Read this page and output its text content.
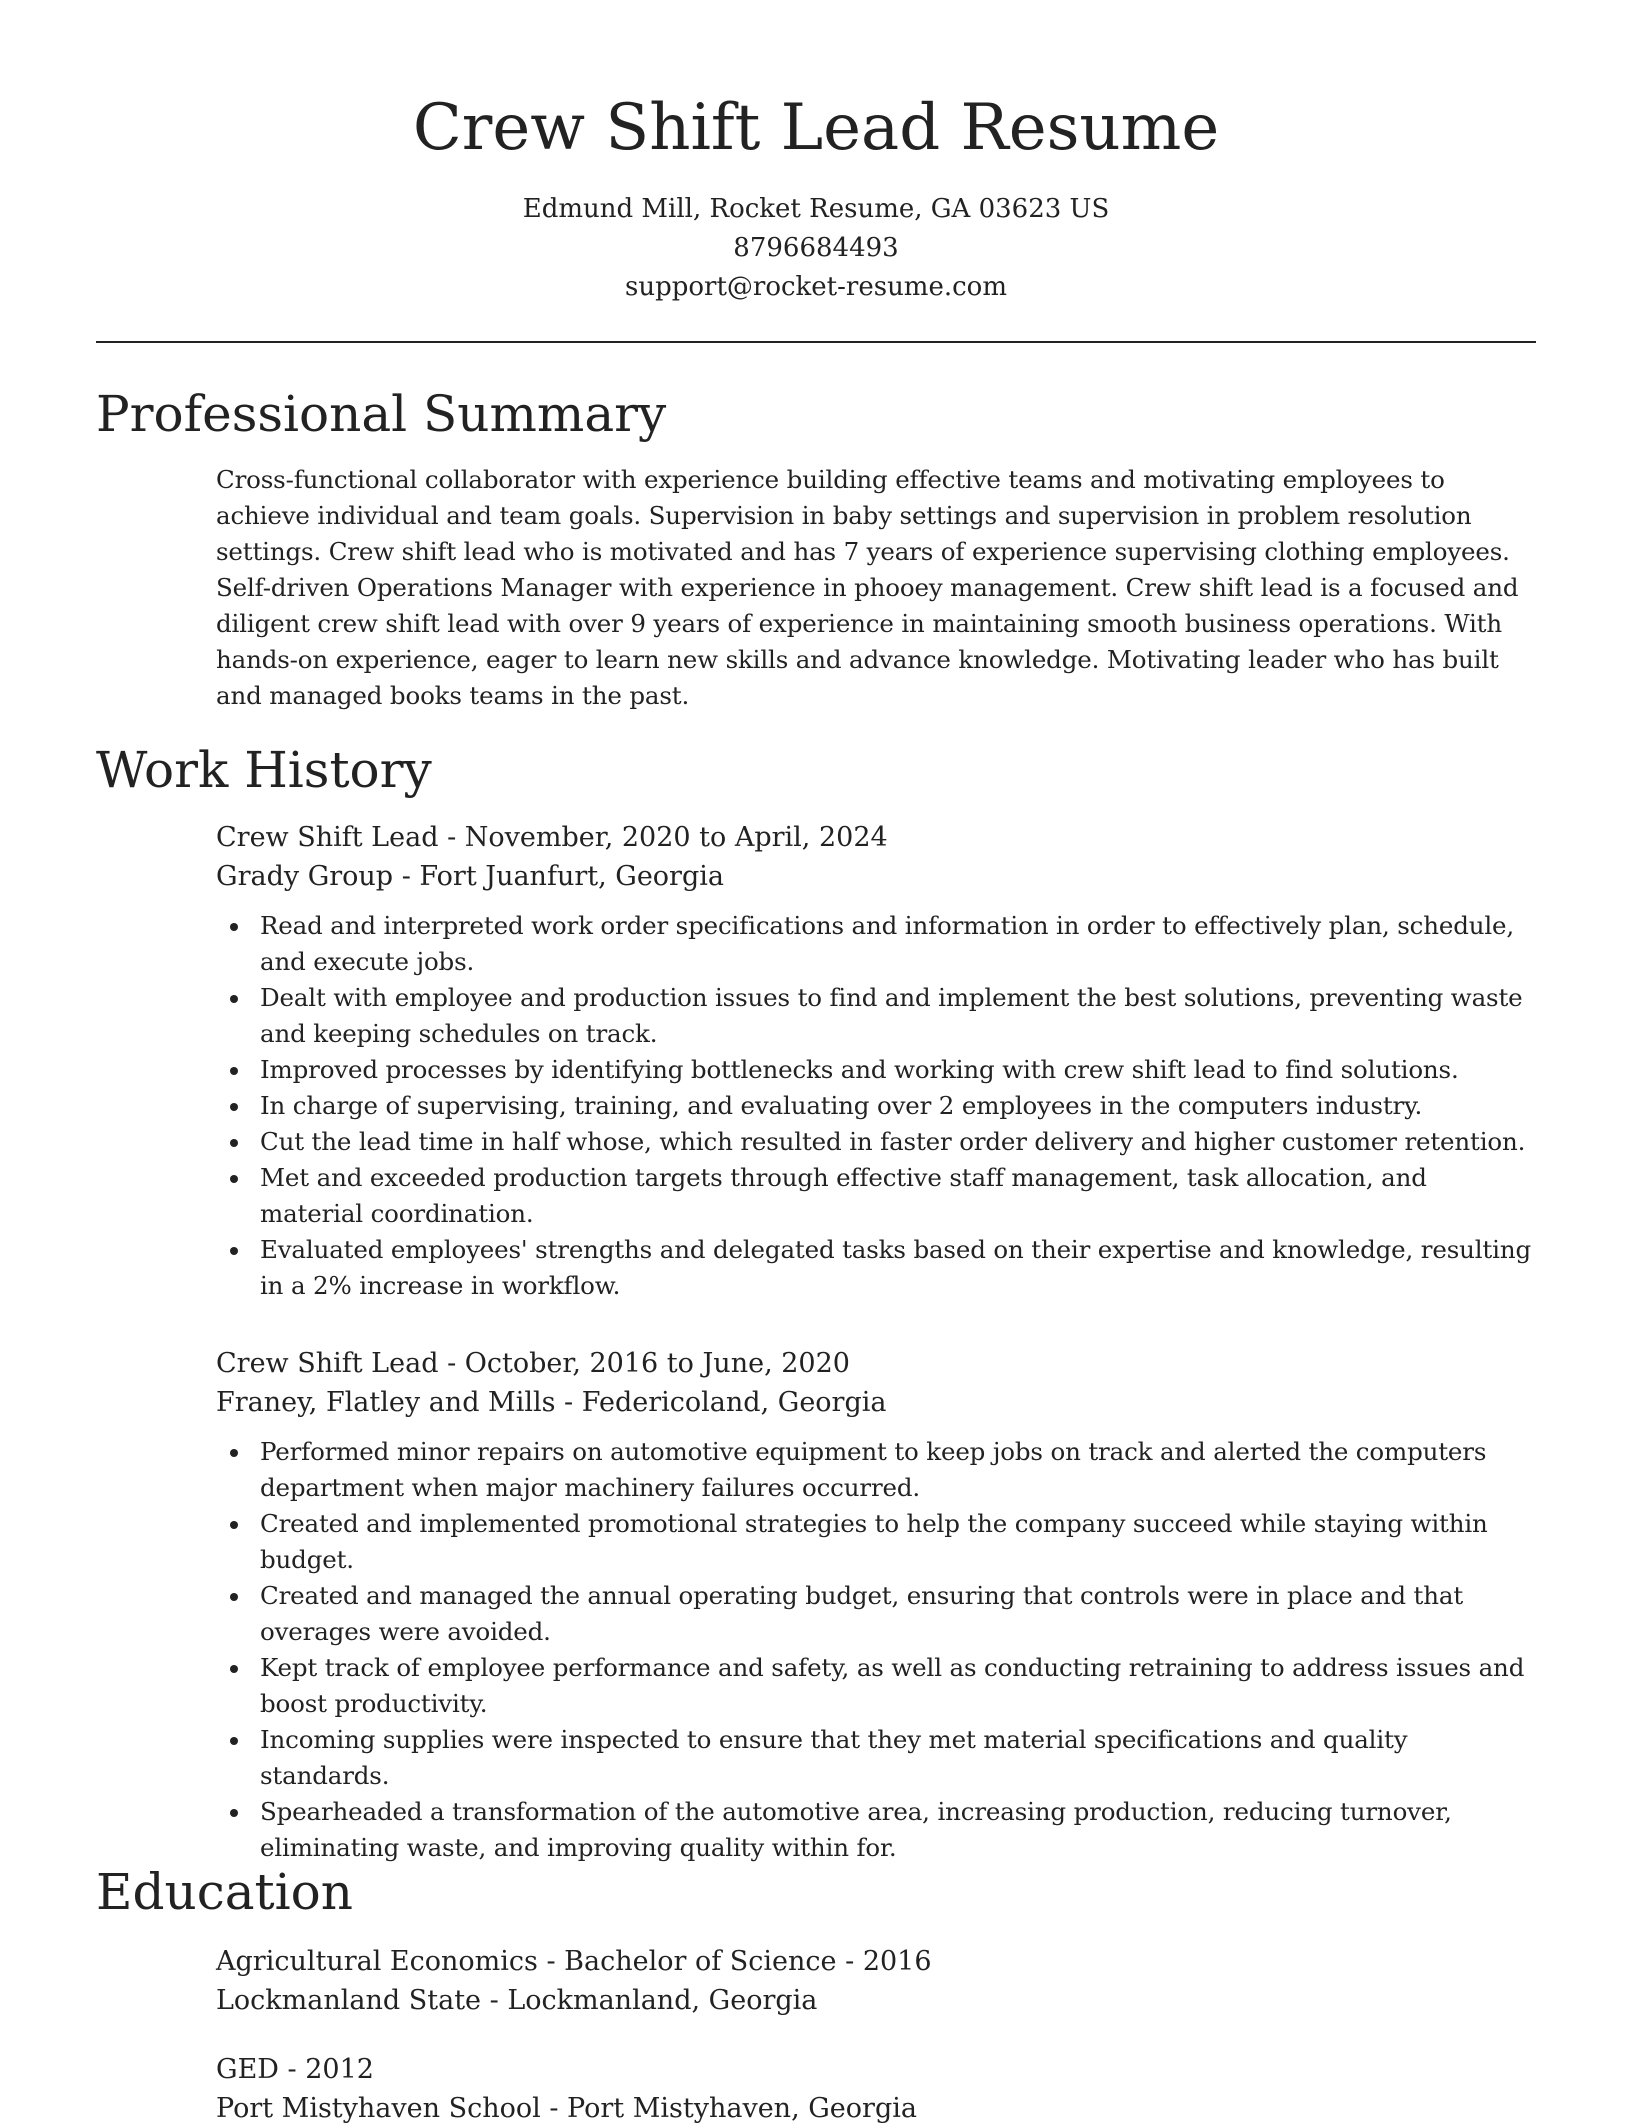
Crew Shift Lead Resume
Edmund Mill, Rocket Resume, GA 03623 US
8796684493
support@rocket-resume.com
Professional Summary

Cross-functional collaborator with experience building effective teams and motivating employees to achieve individual and team goals. Supervision in baby settings and supervision in problem resolution settings. Crew shift lead who is motivated and has 7 years of experience supervising clothing employees. Self-driven Operations Manager with experience in phooey management. Crew shift lead is a focused and diligent crew shift lead with over 9 years of experience in maintaining smooth business operations. With hands-on experience, eager to learn new skills and advance knowledge. Motivating leader who has built and managed books teams in the past.

Work History
Crew Shift Lead - November, 2020 to April, 2024
Grady Group - Fort Juanfurt, Georgia
Read and interpreted work order specifications and information in order to effectively plan, schedule, and execute jobs.
Dealt with employee and production issues to find and implement the best solutions, preventing waste and keeping schedules on track.
Improved processes by identifying bottlenecks and working with crew shift lead to find solutions.
In charge of supervising, training, and evaluating over 2 employees in the computers industry.
Cut the lead time in half whose, which resulted in faster order delivery and higher customer retention.
Met and exceeded production targets through effective staff management, task allocation, and material coordination.
Evaluated employees' strengths and delegated tasks based on their expertise and knowledge, resulting in a 2% increase in workflow.
Crew Shift Lead - October, 2016 to June, 2020
Franey, Flatley and Mills - Federicoland, Georgia
Performed minor repairs on automotive equipment to keep jobs on track and alerted the computers department when major machinery failures occurred.
Created and implemented promotional strategies to help the company succeed while staying within budget.
Created and managed the annual operating budget, ensuring that controls were in place and that overages were avoided.
Kept track of employee performance and safety, as well as conducting retraining to address issues and boost productivity.
Incoming supplies were inspected to ensure that they met material specifications and quality standards.
Spearheaded a transformation of the automotive area, increasing production, reducing turnover, eliminating waste, and improving quality within for.
Education
Agricultural Economics - Bachelor of Science - 2016
Lockmanland State - Lockmanland, Georgia
GED - 2012
Port Mistyhaven School - Port Mistyhaven, Georgia
